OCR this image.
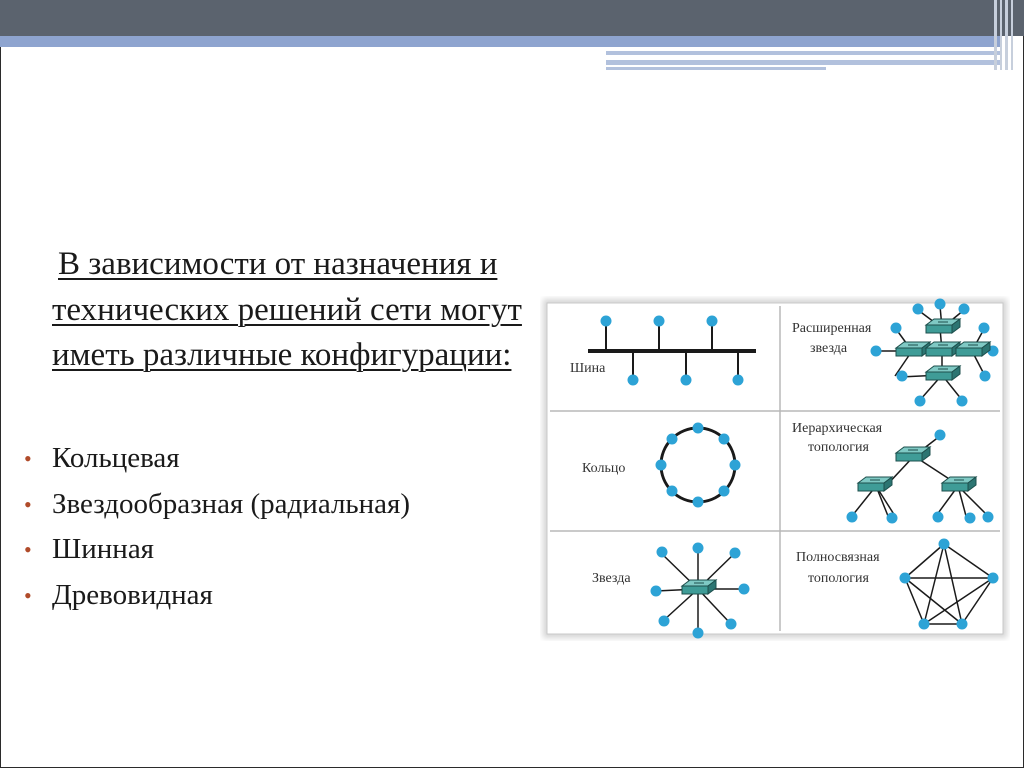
В зависимости от назначения и технических решений сети могут иметь различные конфигурации:

• Кольцевая
• Звездообразная (радиальная)
• Шинная
• Древовидная
Шина
Расширенная
звезда
Кольцо
Иерархическая
топология
Звезда
Полносвязная
топология
